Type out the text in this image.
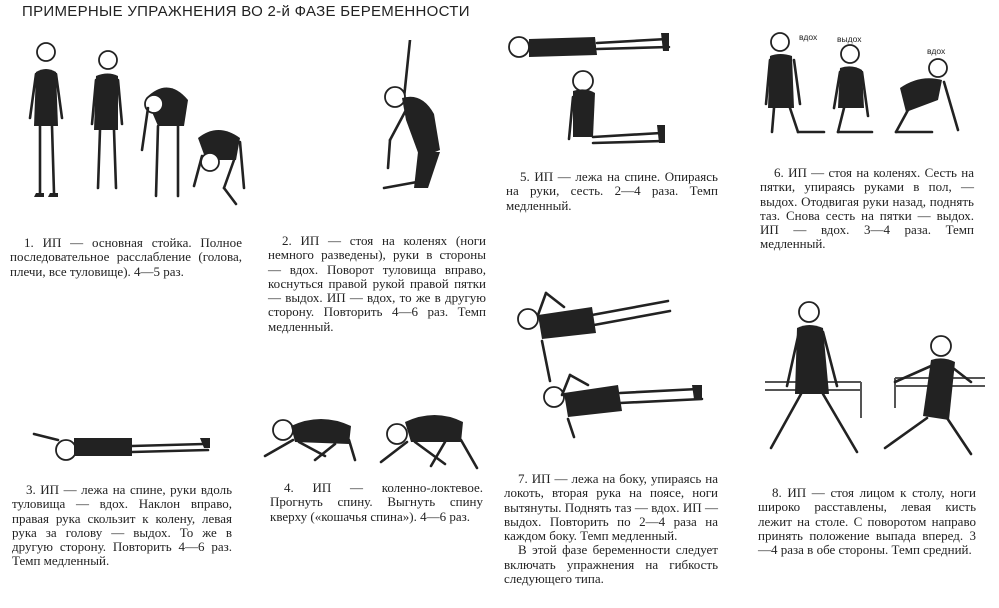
ПРИМЕРНЫЕ УПРАЖНЕНИЯ ВО 2-й ФАЗЕ БЕРЕМЕННОСТИ
вдох выдох
вдох

1. ИП — основная стойка. Полное последовательное расслабление (голова, плечи, все туловище). 4—5 раз.

2. ИП — стоя на коленях (ноги немного разведены), руки в стороны — вдох. Поворот туловища вправо, коснуться правой рукой правой пятки — выдох. ИП — вдох, то же в другую сторону. Повторить 4—6 раз. Темп медленный.

3. ИП — лежа на спине, руки вдоль туловища — вдох. Наклон вправо, правая рука скользит к колену, левая рука за голову — выдох. То же в другую сторону. Повторить 4—6 раз. Темп медленный.

4. ИП — коленно-локтевое. Прогнуть спину. Выгнуть спину кверху («кошачья спина»). 4—6 раз.

5. ИП — лежа на спине. Опираясь на руки, сесть. 2—4 раза. Темп медленный.

6. ИП — стоя на коленях. Сесть на пятки, упираясь руками в пол, — выдох. Отодвигая руки назад, поднять таз. Снова сесть на пятки — выдох. ИП — вдох. 3—4 раза. Темп медленный.

7. ИП — лежа на боку, упираясь на локоть, вторая рука на поясе, ноги вытянуты. Поднять таз — вдох. ИП — выдох. Повторить по 2—4 раза на каждом боку. Темп медленный.

В этой фазе беременности следует включать упражнения на гибкость следующего типа.

8. ИП — стоя лицом к столу, ноги широко расставлены, левая кисть лежит на столе. С поворотом направо принять положение выпада вперед. 3—4 раза в обе стороны. Темп средний.
